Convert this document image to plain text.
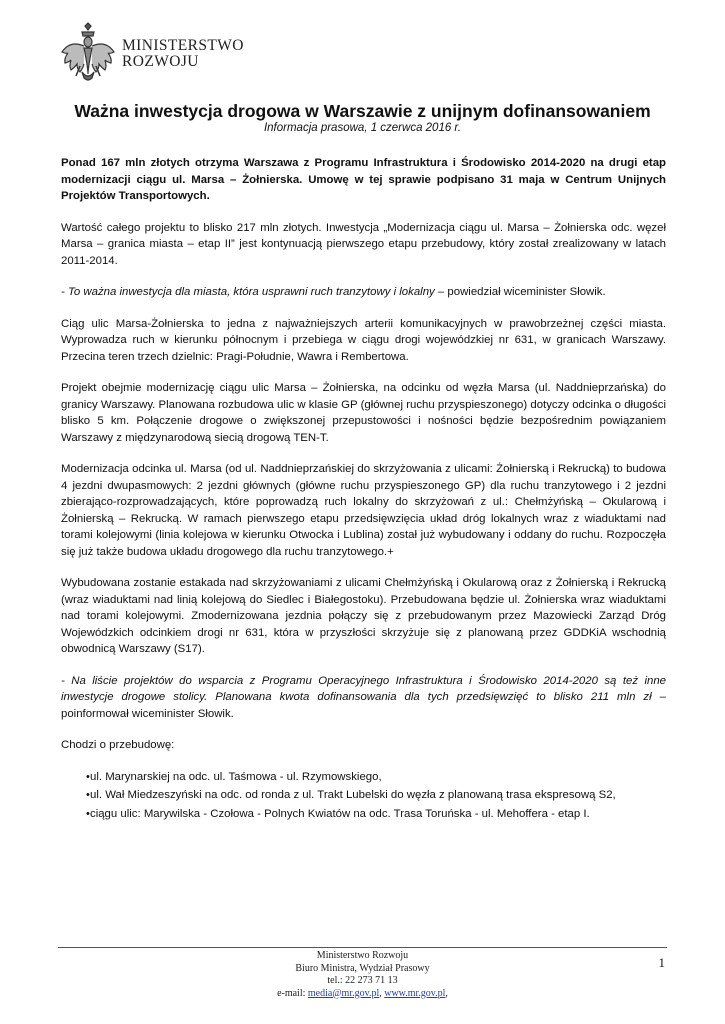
MINISTERSTWO
ROZWOJU
Ważna inwestycja drogowa w Warszawie z unijnym dofinansowaniem
Informacja prasowa, 1 czerwca 2016 r.

Ponad 167 mln złotych otrzyma Warszawa z Programu Infrastruktura i Środowisko 2014-2020 na drugi etap modernizacji ciągu ul. Marsa – Żołnierska. Umowę w tej sprawie podpisano 31 maja w Centrum Unijnych Projektów Transportowych.

Wartość całego projektu to blisko 217 mln złotych. Inwestycja „Modernizacja ciągu ul. Marsa – Żołnierska odc. węzeł Marsa – granica miasta – etap II” jest kontynuacją pierwszego etapu przebudowy, który został zrealizowany w latach 2011-2014.

- To ważna inwestycja dla miasta, która usprawni ruch tranzytowy i lokalny – powiedział wiceminister Słowik.

Ciąg ulic Marsa-Żołnierska to jedna z najważniejszych arterii komunikacyjnych w prawobrzeżnej części miasta. Wyprowadza ruch w kierunku północnym i przebiega w ciągu drogi wojewódzkiej nr 631, w granicach Warszawy. Przecina teren trzech dzielnic: Pragi-Południe, Wawra i Rembertowa.

Projekt obejmie modernizację ciągu ulic Marsa – Żołnierska, na odcinku od węzła Marsa (ul. Naddnieprzańska) do granicy Warszawy. Planowana rozbudowa ulic w klasie GP (głównej ruchu przyspieszonego) dotyczy odcinka o długości blisko 5 km. Połączenie drogowe o zwiększonej przepustowości i nośności będzie bezpośrednim powiązaniem Warszawy z międzynarodową siecią drogową TEN-T.

Modernizacja odcinka ul. Marsa (od ul. Naddnieprzańskiej do skrzyżowania z ulicami: Żołnierską i Rekrucką) to budowa 4 jezdni dwupasmowych: 2 jezdni głównych (główne ruchu przyspieszonego GP) dla ruchu tranzytowego i 2 jezdni zbierająco-rozprowadzających, które poprowadzą ruch lokalny do skrzyżowań z ul.: Chełmżyńską – Okularową i Żołnierską – Rekrucką. W ramach pierwszego etapu przedsięwzięcia układ dróg lokalnych wraz z wiaduktami nad torami kolejowymi (linia kolejowa w kierunku Otwocka i Lublina) został już wybudowany i oddany do ruchu. Rozpoczęła się już także budowa układu drogowego dla ruchu tranzytowego.+

Wybudowana zostanie estakada nad skrzyżowaniami z ulicami Chełmżyńską i Okularową oraz z Żołnierską i Rekrucką (wraz wiaduktami nad linią kolejową do Siedlec i Białegostoku). Przebudowana będzie ul. Żołnierska wraz wiaduktami nad torami kolejowymi. Zmodernizowana jezdnia połączy się z przebudowanym przez Mazowiecki Zarząd Dróg Wojewódzkich odcinkiem drogi nr 631, która w przyszłości skrzyżuje się z planowaną przez GDDKiA wschodnią obwodnicą Warszawy (S17).

- Na liście projektów do wsparcia z Programu Operacyjnego Infrastruktura i Środowisko 2014-2020 są też inne inwestycje drogowe stolicy. Planowana kwota dofinansowania dla tych przedsięwzięć to blisko 211 mln zł – poinformował wiceminister Słowik.

Chodzi o przebudowę:

• ul. Marynarskiej na odc. ul. Taśmowa - ul. Rzymowskiego,
• ul. Wał Miedzeszyński na odc. od ronda z ul. Trakt Lubelski do węzła z planowaną trasa ekspresową S2,
• ciągu ulic: Marywilska - Czołowa - Polnych Kwiatów na odc. Trasa Toruńska - ul. Mehoffera - etap I.
Ministerstwo Rozwoju
Biuro Ministra, Wydział Prasowy
tel.: 22 273 71 13
e-mail: media@mr.gov.pl, www.mr.gov.pl,
1
